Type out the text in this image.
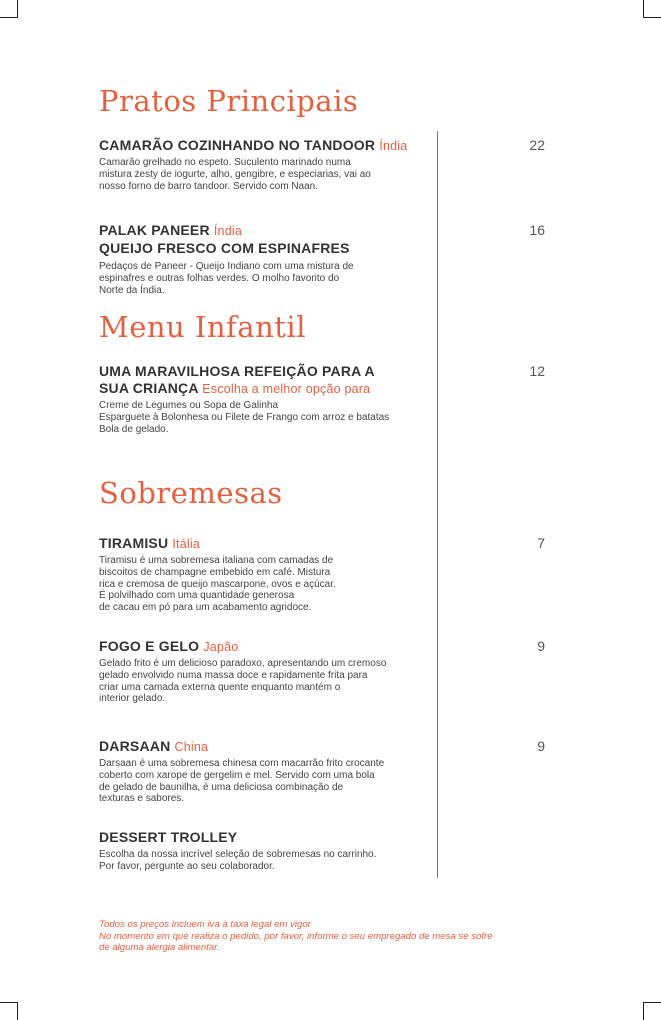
Pratos Principais
CAMARÃO COZINHANDO NO TANDOOR Índia
Camarão grelhado no espeto. Suculento marinado numa
mistura zesty de iogurte, alho, gengibre, e especiarias, vai ao
nosso forno de barro tandoor. Servido com Naan.
22
PALAK PANEER Índia
QUEIJO FRESCO COM ESPINAFRES
Pedaços de Paneer - Queijo Indiano com uma mistura de
espinafres e outras folhas verdes. O molho favorito do
Norte da Índia.
16
Menu Infantil
UMA MARAVILHOSA REFEIÇÃO PARA A
SUA CRIANÇA Escolha a melhor opção para
Creme de Legumes ou Sopa de Galinha
Esparguete à Bolonhesa ou Filete de Frango com arroz e batatas
Bola de gelado.
12
Sobremesas
TIRAMISU Itália
Tiramisu é uma sobremesa italiana com camadas de
biscoitos de champagne embebido em café. Mistura
rica e cremosa de queijo mascarpone, ovos e açúcar.
É polvilhado com uma quantidade generosa
de cacau em pó para um acabamento agridoce.
7
FOGO E GELO Japão
Gelado frito é um delicioso paradoxo, apresentando um cremoso
gelado envolvido numa massa doce e rapidamente frita para
criar uma camada externa quente enquanto mantém o
interior gelado.
9
DARSAAN China
Darsaan é uma sobremesa chinesa com macarrão frito crocante
coberto com xarope de gergelim e mel. Servido com uma bola
de gelado de baunilha, é uma deliciosa combinação de
texturas e sabores.
9
DESSERT TROLLEY
Escolha da nossa incrível seleção de sobremesas no carrinho.
Por favor, pergunte ao seu colaborador.
Todos os preços incluem iva à taxa legal em vigor
No momento em que realiza o pedido, por favor, informe o seu empregado de mesa se sofre
de alguma alergia alimentar.
